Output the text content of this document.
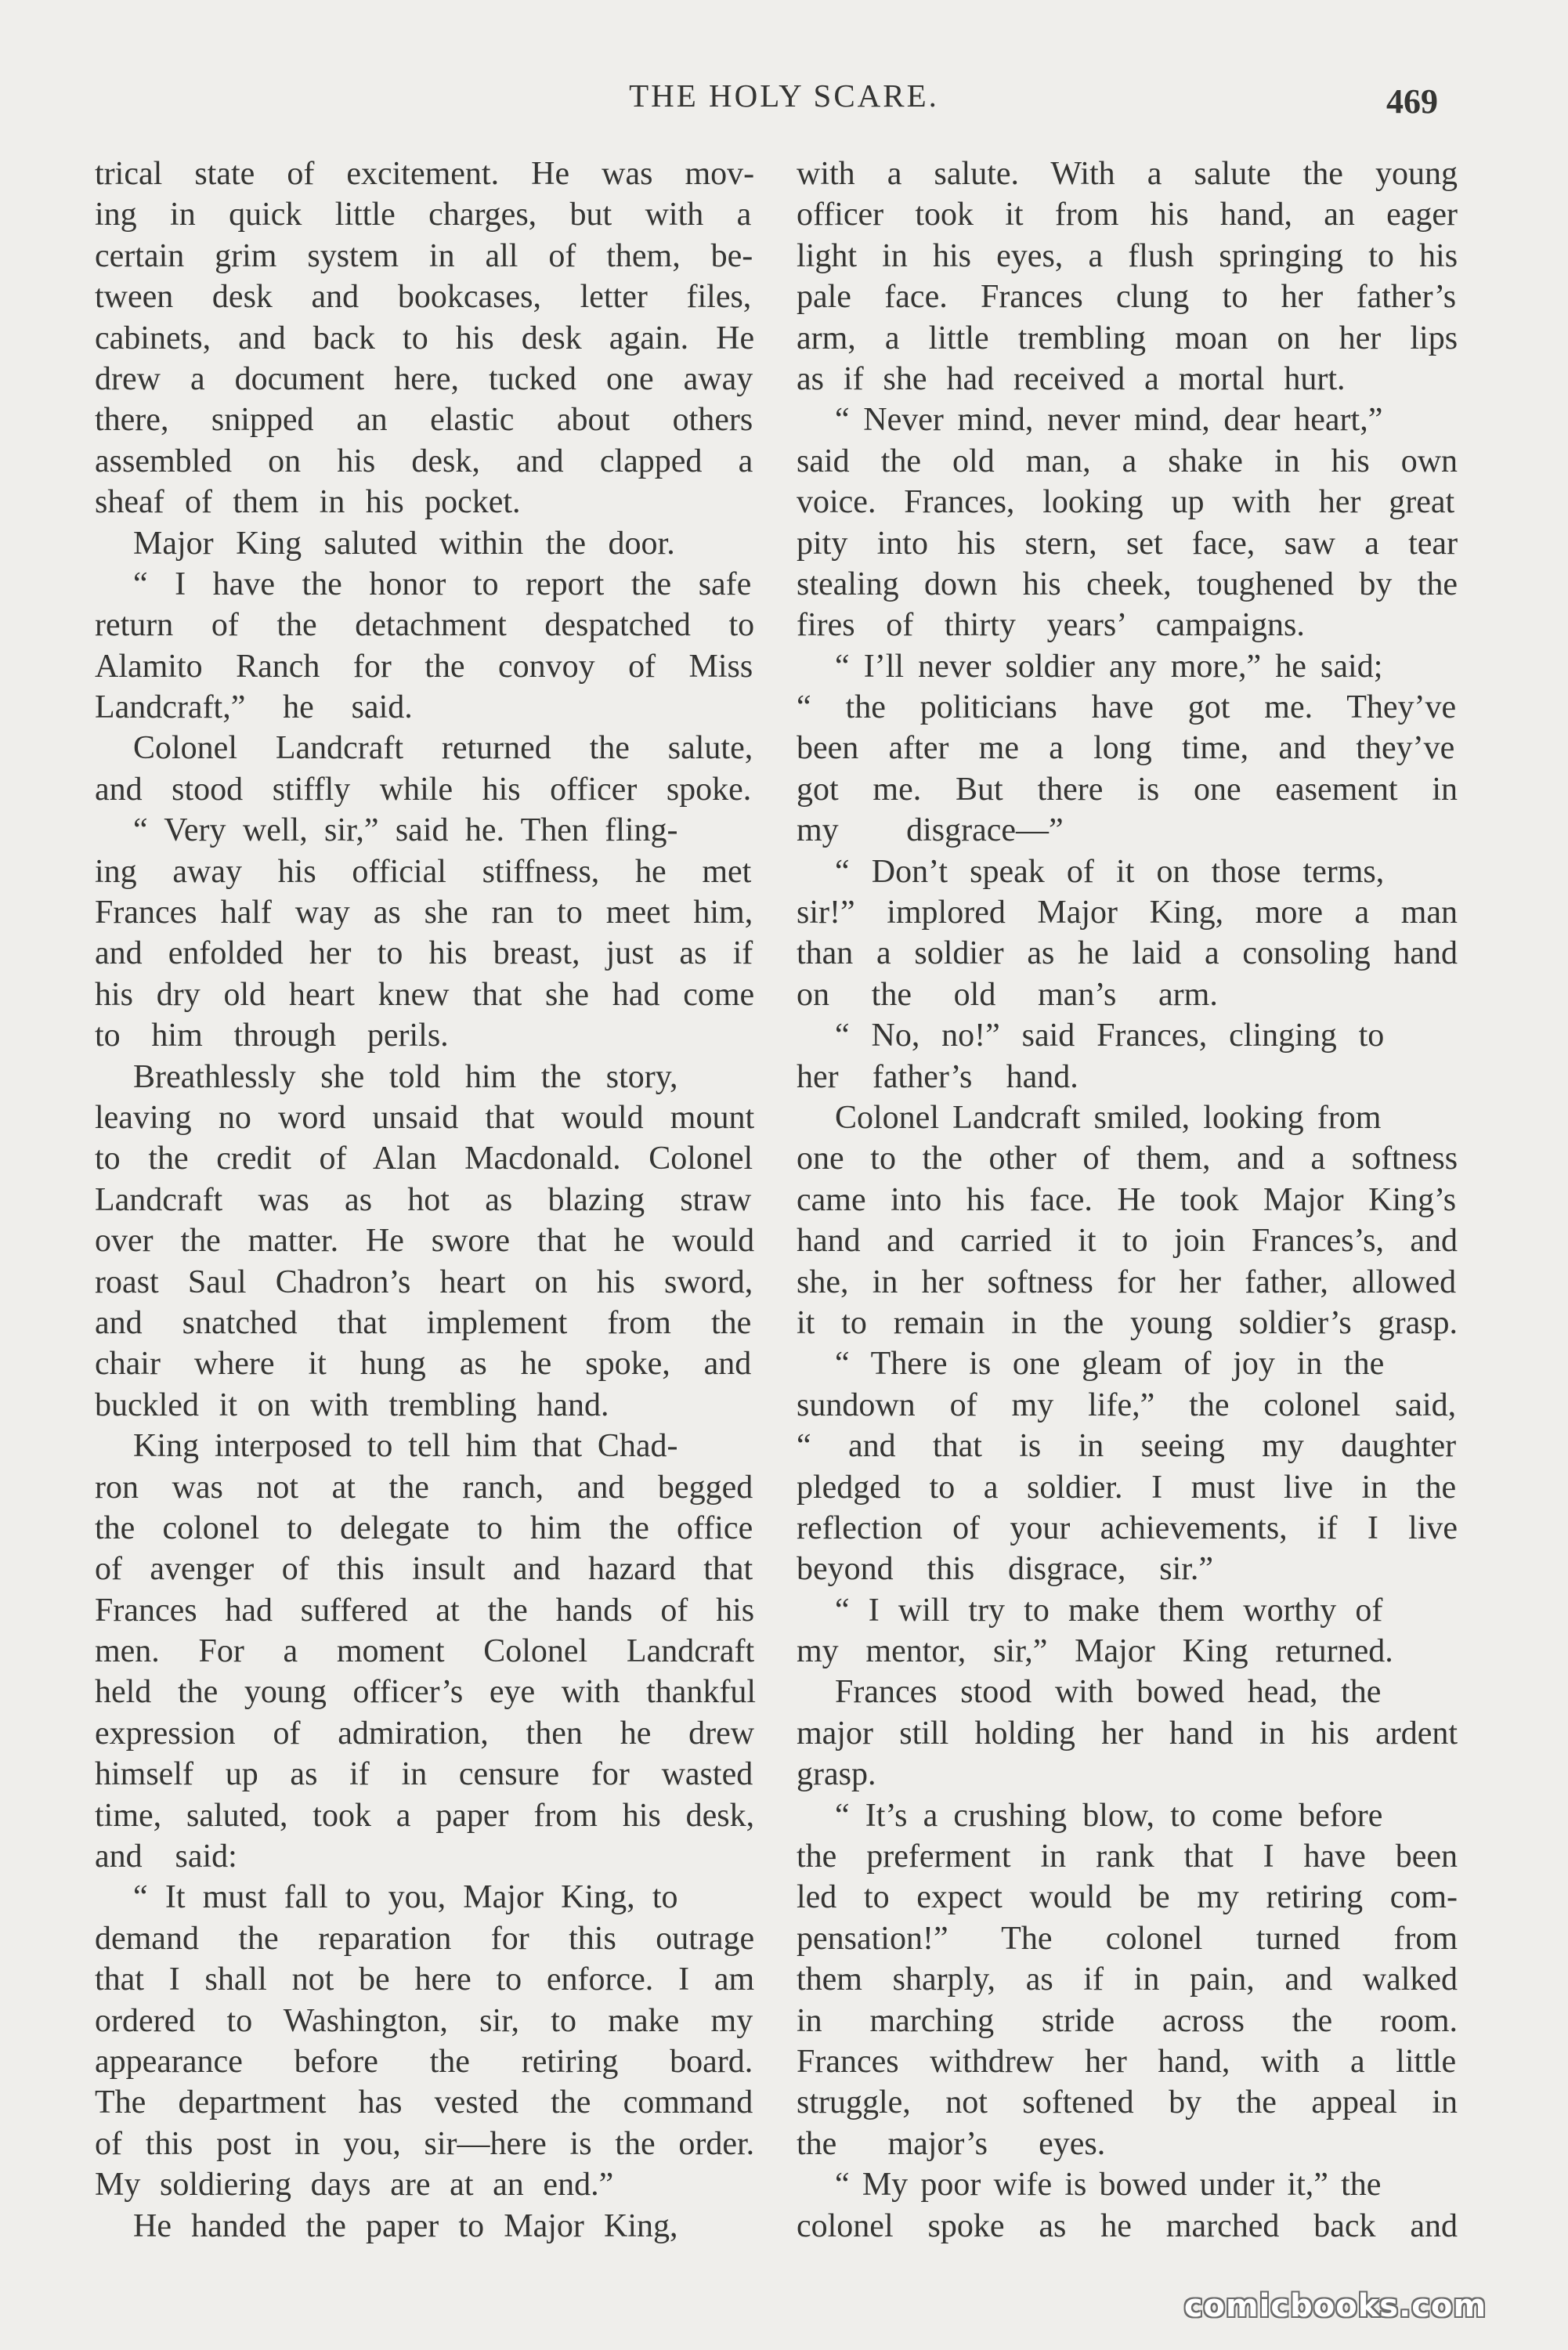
THE HOLY SCARE.	469
trical state of excitement. He was mov-
ing in quick little charges, but with a
certain grim system in all of them, be-
tween desk and bookcases, letter files,
cabinets, and back to his desk again. He
drew a document here, tucked one away
there, snipped an elastic about others
assembled on his desk, and clapped a
sheaf of them in his pocket.
Major King saluted within the door.
“ I have the honor to report the safe
return of the detachment despatched to
Alamito Ranch for the convoy of Miss
Landcraft,” he said.
Colonel Landcraft returned the salute,
and stood stiffly while his officer spoke.
“ Very well, sir,” said he. Then fling-
ing away his official stiffness, he met
Frances half way as she ran to meet him,
and enfolded her to his breast, just as if
his dry old heart knew that she had come
to him through perils.
Breathlessly she told him the story,
leaving no word unsaid that would mount
to the credit of Alan Macdonald. Colonel
Landcraft was as hot as blazing straw
over the matter. He swore that he would
roast Saul Chadron’s heart on his sword,
and snatched that implement from the
chair where it hung as he spoke, and
buckled it on with trembling hand.
King interposed to tell him that Chad-
ron was not at the ranch, and begged
the colonel to delegate to him the office
of avenger of this insult and hazard that
Frances had suffered at the hands of his
men. For a moment Colonel Landcraft
held the young officer’s eye with thankful
expression of admiration, then he drew
himself up as if in censure for wasted
time, saluted, took a paper from his desk,
and said:
“ It must fall to you, Major King, to
demand the reparation for this outrage
that I shall not be here to enforce. I am
ordered to Washington, sir, to make my
appearance before the retiring board.
The department has vested the command
of this post in you, sir—here is the order.
My soldiering days are at an end.”
He handed the paper to Major King,
with a salute. With a salute the young
officer took it from his hand, an eager
light in his eyes, a flush springing to his
pale face. Frances clung to her father’s
arm, a little trembling moan on her lips
as if she had received a mortal hurt.
“ Never mind, never mind, dear heart,”
said the old man, a shake in his own
voice. Frances, looking up with her great
pity into his stern, set face, saw a tear
stealing down his cheek, toughened by the
fires of thirty years’ campaigns.
“ I’ll never soldier any more,” he said;
“ the politicians have got me. They’ve
been after me a long time, and they’ve
got me. But there is one easement in
my disgrace—”
“ Don’t speak of it on those terms,
sir!” implored Major King, more a man
than a soldier as he laid a consoling hand
on the old man’s arm.
“ No, no!” said Frances, clinging to
her father’s hand.
Colonel Landcraft smiled, looking from
one to the other of them, and a softness
came into his face. He took Major King’s
hand and carried it to join Frances’s, and
she, in her softness for her father, allowed
it to remain in the young soldier’s grasp.
“ There is one gleam of joy in the
sundown of my life,” the colonel said,
“ and that is in seeing my daughter
pledged to a soldier. I must live in the
reflection of your achievements, if I live
beyond this disgrace, sir.”
“ I will try to make them worthy of
my mentor, sir,” Major King returned.
Frances stood with bowed head, the
major still holding her hand in his ardent
grasp.
“ It’s a crushing blow, to come before
the preferment in rank that I have been
led to expect would be my retiring com-
pensation!” The colonel turned from
them sharply, as if in pain, and walked
in marching stride across the room.
Frances withdrew her hand, with a little
struggle, not softened by the appeal in
the major’s eyes.
“ My poor wife is bowed under it,” the
colonel spoke as he marched back and
comicbooks.com
